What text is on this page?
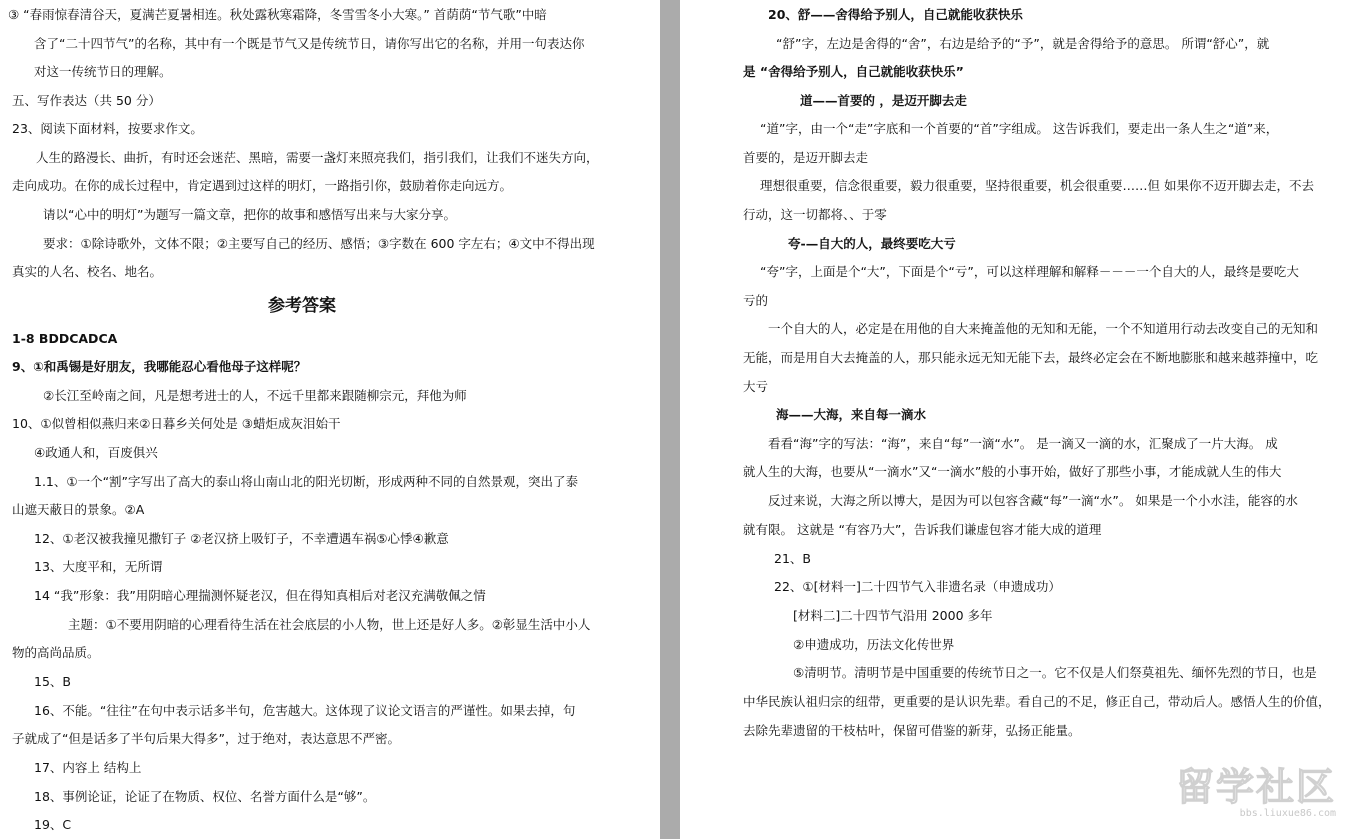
③ “春雨惊春清谷天，夏满芒夏暑相连。秋处露秋寒霜降，冬雪雪冬小大寒。” 首荫荫“节气歌”中暗
含了“二十四节气”的名称，其中有一个既是节气又是传统节日，请你写出它的名称，并用一句表达你
对这一传统节日的理解。
五、写作表达（共 50 分）
23、阅读下面材料，按要求作文。
人生的路漫长、曲折，有时还会迷茫、黑暗，需要一盏灯来照亮我们，指引我们，让我们不迷失方向，
走向成功。在你的成长过程中，肯定遇到过这样的明灯，一路指引你，鼓励着你走向远方。
请以“心中的明灯”为题写一篇文章，把你的故事和感悟写出来与大家分享。
要求：①除诗歌外，文体不限；②主要写自己的经历、感悟；③字数在 600 字左右；④文中不得出现
真实的人名、校名、地名。
参考答案
1-8 BDDCADCA
9、①和禹锡是好朋友，我哪能忍心看他母子这样呢？
②长江至岭南之间，凡是想考进士的人，不远千里都来跟随柳宗元，拜他为师
10、①似曾相似燕归来②日暮乡关何处是 ③蜡炬成灰泪始干
④政通人和，百废俱兴
1.1、①一个“割”字写出了高大的泰山将山南山北的阳光切断，形成两种不同的自然景观，突出了泰
山遮天蔽日的景象。②A
12、①老汉被我撞见撒钉子 ②老汉挤上吸钉子，不幸遭遇车祸⑤心悸④歉意
13、大度平和，无所谓
14 “我”形象：我”用阴暗心理揣测怀疑老汉，但在得知真相后对老汉充满敬佩之情
主题：①不要用阴暗的心理看待生活在社会底层的小人物，世上还是好人多。②彰显生活中小人
物的高尚品质。
15、B
16、不能。“往往”在句中表示话多半句，危害越大。这体现了议论文语言的严谨性。如果去掉，句
子就成了“但是话多了半句后果大得多”，过于绝对，表达意思不严密。
17、内容上 结构上
18、事例论证，论证了在物质、权位、名誉方面什么是“够”。
19、C
20、舒——舍得给予别人，自己就能收获快乐
“舒”字，左边是舍得的“舍”，右边是给予的“予”，就是舍得给予的意思。 所谓“舒心”，就
是 “舍得给予别人，自己就能收获快乐”
道——首要的 ，是迈开脚去走
“道”字，由一个“走”字底和一个首要的“首”字组成。 这告诉我们，要走出一条人生之“道”来，
首要的，是迈开脚去走
理想很重要，信念很重要，毅力很重要，坚持很重要，机会很重要……但 如果你不迈开脚去走，不去
行动，这一切都将、、于零
夸-—自大的人，最终要吃大亏
“夸”字，上面是个“大”，下面是个“亏”，可以这样理解和解释－－－一个自大的人，最终是要吃大
亏的
一个自大的人，必定是在用他的自大来掩盖他的无知和无能，一个不知道用行动去改变自己的无知和
无能，而是用自大去掩盖的人，那只能永远无知无能下去，最终必定会在不断地膨胀和越来越莽撞中，吃
大亏
海——大海，来自每一滴水
看看“海”字的写法：“海”，来自“每”一滴“水”。 是一滴又一滴的水，汇聚成了一片大海。 成
就人生的大海，也要从“一滴水”又“一滴水”般的小事开始，做好了那些小事，才能成就人生的伟大
反过来说，大海之所以博大，是因为可以包容含藏“每”一滴“水”。 如果是一个小水洼，能容的水
就有限。 这就是 “有容乃大”，告诉我们谦虚包容才能大成的道理
21、B
22、①[材料一]二十四节气入非遗名录（申遗成功）
[材料二]二十四节气沿用 2000 多年
②申遗成功，历法文化传世界
⑤清明节。清明节是中国重要的传统节日之一。它不仅是人们祭莫祖先、缅怀先烈的节日，也是
中华民族认祖归宗的纽带，更重要的是认识先辈。看自己的不足，修正自己，带动后人。感悟人生的价值，
去除先辈遗留的干枝枯叶，保留可借鉴的新芽，弘扬正能量。
留学社区
bbs.liuxue86.com
